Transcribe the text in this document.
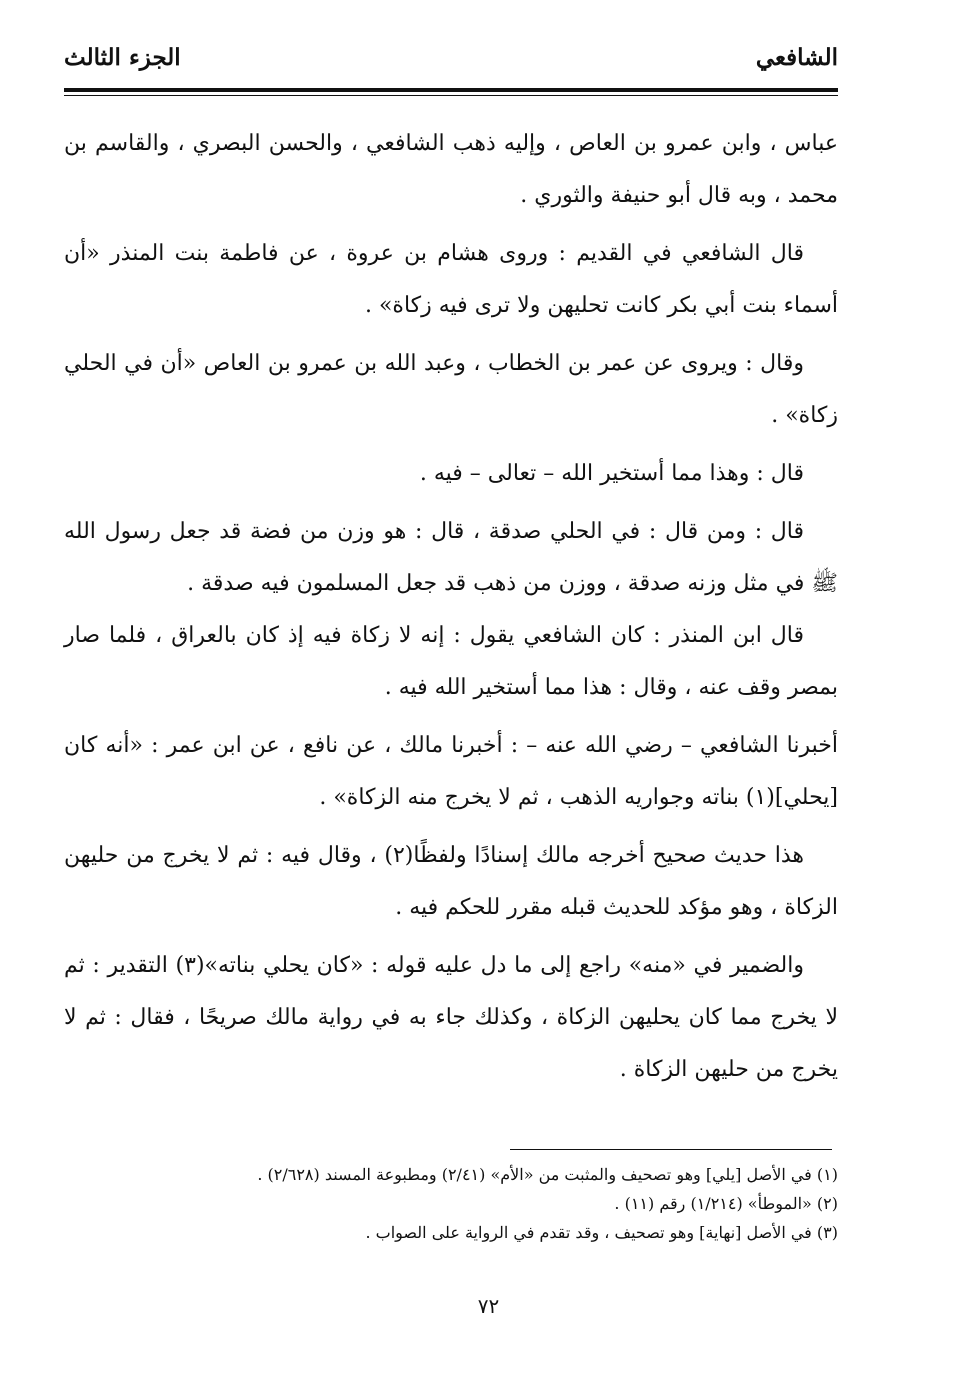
الشافعي
الجزء الثالث

عباس ، وابن عمرو بن العاص ، وإليه ذهب الشافعي ، والحسن البصري ، والقاسم بن محمد ، وبه قال أبو حنيفة والثوري .

قال الشافعي في القديم : وروى هشام بن عروة ، عن فاطمة بنت المنذر «أن أسماء بنت أبي بكر كانت تحليهن ولا ترى فيه زكاة» .

وقال : ويروى عن عمر بن الخطاب ، وعبد الله بن عمرو بن العاص «أن في الحلي زكاة» .

قال : وهذا مما أستخير الله – تعالى – فيه .

قال : ومن قال : في الحلي صدقة ، قال : هو وزن من فضة قد جعل رسول الله ﷺ في مثل وزنه صدقة ، ووزن من ذهب قد جعل المسلمون فيه صدقة .

قال ابن المنذر : كان الشافعي يقول : إنه لا زكاة فيه إذ كان بالعراق ، فلما صار بمصر وقف عنه ، وقال : هذا مما أستخير الله فيه .

أخبرنا الشافعي – رضي الله عنه – : أخبرنا مالك ، عن نافع ، عن ابن عمر : «أنه كان [يحلي](١) بناته وجواريه الذهب ، ثم لا يخرج منه الزكاة» .

هذا حديث صحيح أخرجه مالك إسنادًا ولفظًا(٢) ، وقال فيه : ثم لا يخرج من حليهن الزكاة ، وهو مؤكد للحديث قبله مقرر للحكم فيه .

والضمير في «منه» راجع إلى ما دل عليه قوله : «كان يحلي بناته»(٣) التقدير : ثم لا يخرج مما كان يحليهن الزكاة ، وكذلك جاء به في رواية مالك صريحًا ، فقال : ثم لا يخرج من حليهن الزكاة .

(١) في الأصل [يلي] وهو تصحيف والمثبت من «الأم» (٢/٤١) ومطبوعة المسند (٢/٦٢٨) .

(٢) «الموطأ» (١/٢١٤) رقم (١١) .

(٣) في الأصل [نهاية] وهو تصحيف ، وقد تقدم في الرواية على الصواب .

٧٢
